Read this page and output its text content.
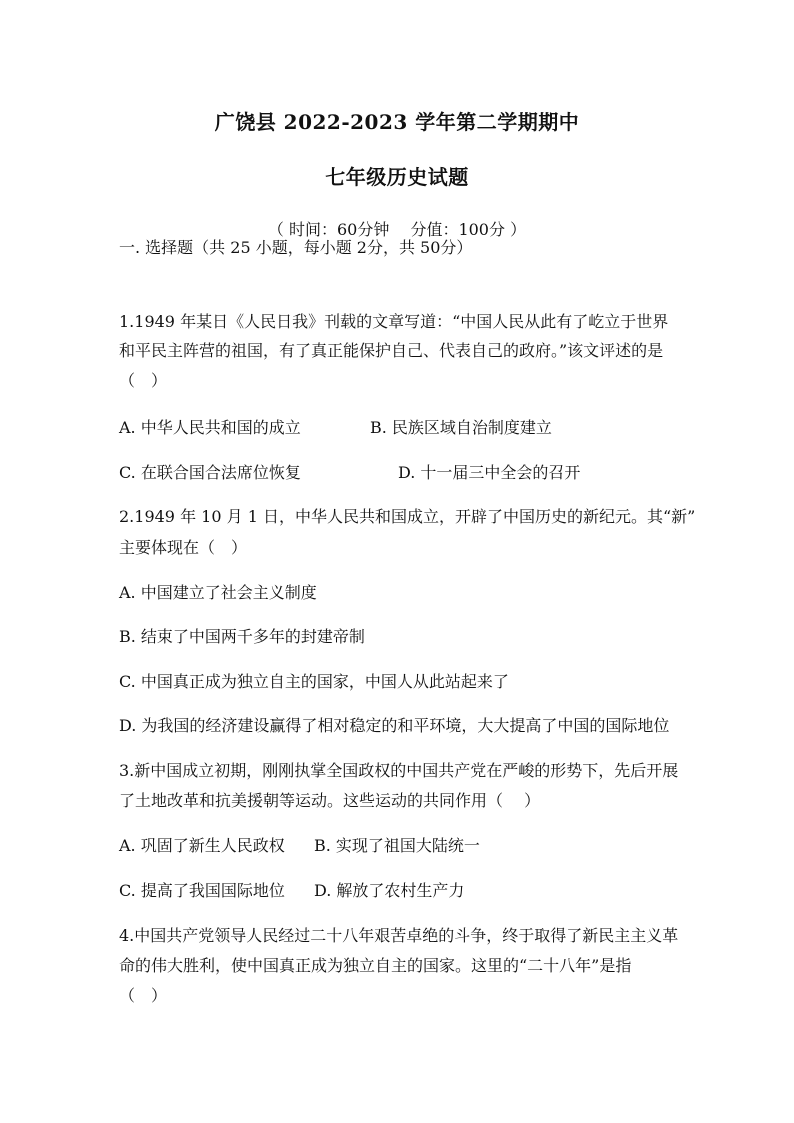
广饶县 2022-2023 学年第二学期期中
七年级历史试题
（ 时间：60分钟　 分值：100分 ）
一. 选择题（共 25 小题，每小题 2分，共 50分）
1.1949 年某日《人民日我》刊载的文章写道：“中国人民从此有了屹立于世界
和平民主阵营的祖国，有了真正能保护自己、代表自己的政府。”该文评述的是
（　）
A. 中华人民共和国的成立	B. 民族区域自治制度建立
C. 在联合国合法席位恢复	D. 十一届三中全会的召开
2.1949 年 10 月 1 日，中华人民共和国成立，开辟了中国历史的新纪元。其“新”
主要体现在（　）
A. 中国建立了社会主义制度
B. 结束了中国两千多年的封建帝制
C. 中国真正成为独立自主的国家，中国人从此站起来了
D. 为我国的经济建设赢得了相对稳定的和平环境，大大提高了中国的国际地位
3.新中国成立初期，刚刚执掌全国政权的中国共产党在严峻的形势下，先后开展
了土地改革和抗美援朝等运动。这些运动的共同作用（　 ）
A. 巩固了新生人民政权 B. 实现了祖国大陆统一
C. 提高了我国国际地位 D. 解放了农村生产力
4.中国共产党领导人民经过二十八年艰苦卓绝的斗争，终于取得了新民主主义革
命的伟大胜利，使中国真正成为独立自主的国家。这里的“二十八年”是指
（　）
